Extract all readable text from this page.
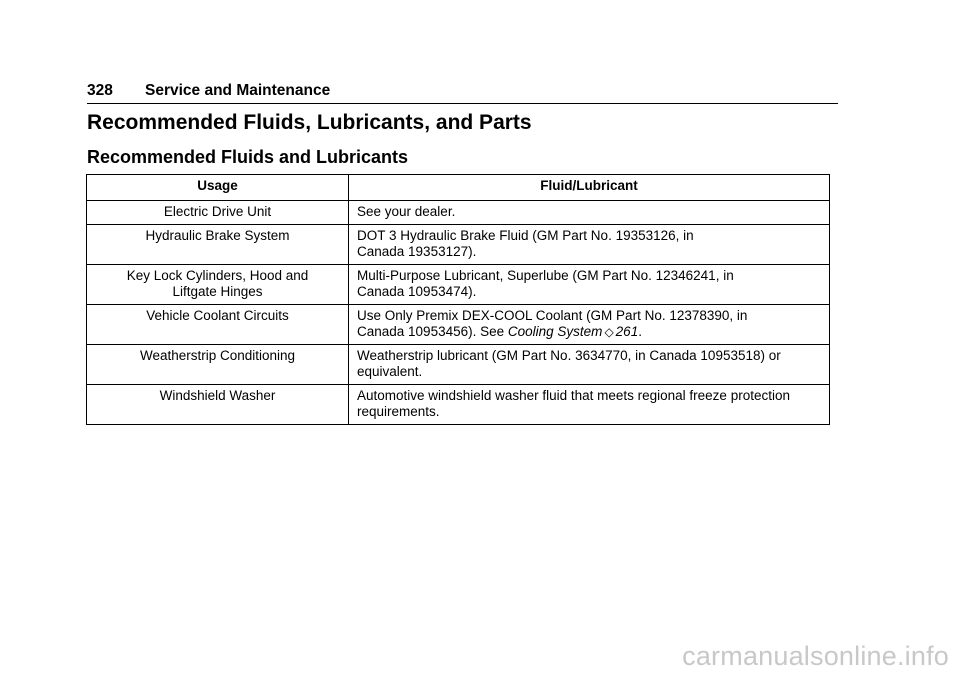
328	Service and Maintenance
Recommended Fluids, Lubricants, and Parts
Recommended Fluids and Lubricants
Usage	Fluid/Lubricant
Electric Drive Unit	See your dealer.
Hydraulic Brake System	DOT 3 Hydraulic Brake Fluid (GM Part No. 19353126, in
Canada 19353127).
Key Lock Cylinders, Hood and
Liftgate Hinges	Multi-Purpose Lubricant, Superlube (GM Part No. 12346241, in
Canada 10953474).
Vehicle Coolant Circuits	Use Only Premix DEX-COOL Coolant (GM Part No. 12378390, in
Canada 10953456). See Cooling System ◇ 261.
Weatherstrip Conditioning	Weatherstrip lubricant (GM Part No. 3634770, in Canada 10953518) or
equivalent.
Windshield Washer	Automotive windshield washer fluid that meets regional freeze protection
requirements.
carmanualsonline.info
